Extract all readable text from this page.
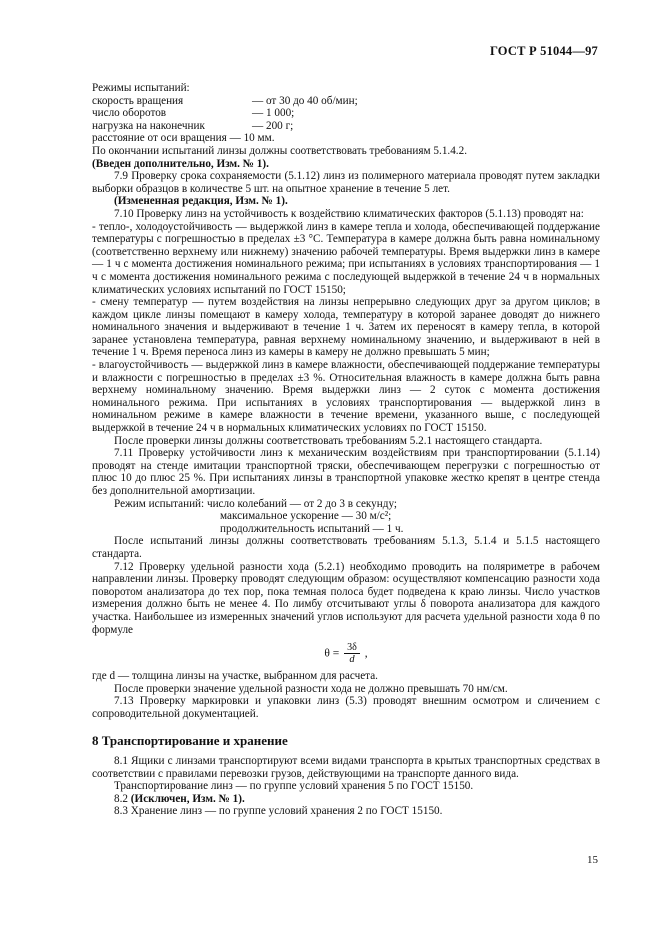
ГОСТ Р 51044—97

Режимы испытаний:

скорость вращения	— от 30 до 40 об/мин;
число оборотов	— 1 000;
нагрузка на наконечник	— 200 г;

расстояние от оси вращения — 10 мм.

По окончании испытаний линзы должны соответствовать требованиям 5.1.4.2.

(Введен дополнительно, Изм. № 1).

7.9 Проверку срока сохраняемости (5.1.12) линз из полимерного материала проводят путем закладки выборки образцов в количестве 5 шт. на опытное хранение в течение 5 лет.

(Измененная редакция, Изм. № 1).

7.10 Проверку линз на устойчивость к воздействию климатических факторов (5.1.13) проводят на:

- тепло-, холодоустойчивость — выдержкой линз в камере тепла и холода, обеспечивающей поддержание температуры с погрешностью в пределах ±3 °С. Температура в камере должна быть равна номинальному (соответственно верхнему или нижнему) значению рабочей температуры. Время выдержки линз в камере — 1 ч с момента достижения номинального режима; при испытаниях в условиях транспортирования — 1 ч с момента достижения номинального режима с последующей выдержкой в течение 24 ч в нормальных климатических условиях испытаний по ГОСТ 15150;

- смену температур — путем воздействия на линзы непрерывно следующих друг за другом циклов; в каждом цикле линзы помещают в камеру холода, температуру в которой заранее доводят до нижнего номинального значения и выдерживают в течение 1 ч. Затем их переносят в камеру тепла, в которой заранее установлена температура, равная верхнему номинальному значению, и выдерживают в ней в течение 1 ч. Время переноса линз из камеры в камеру не должно превышать 5 мин;

- влагоустойчивость — выдержкой линз в камере влажности, обеспечивающей поддержание температуры и влажности с погрешностью в пределах ±3 %. Относительная влажность в камере должна быть равна верхнему номинальному значению. Время выдержки линз — 2 суток с момента достижения номинального режима. При испытаниях в условиях транспортирования — выдержкой линз в номинальном режиме в камере влажности в течение времени, указанного выше, с последующей выдержкой в течение 24 ч в нормальных климатических условиях по ГОСТ 15150.

После проверки линзы должны соответствовать требованиям 5.2.1 настоящего стандарта.

7.11 Проверку устойчивости линз к механическим воздействиям при транспортировании (5.1.14) проводят на стенде имитации транспортной тряски, обеспечивающем перегрузки с погрешностью от плюс 10 до плюс 25 %. При испытаниях линзы в транспортной упаковке жестко крепят в центре стенда без дополнительной амортизации.

Режим испытаний: число колебаний — от 2 до 3 в секунду;

максимальное ускорение — 30 м/с²;

продолжительность испытаний — 1 ч.

После испытаний линзы должны соответствовать требованиям 5.1.3, 5.1.4 и 5.1.5 настоящего стандарта.

7.12 Проверку удельной разности хода (5.2.1) необходимо проводить на поляриметре в рабочем направлении линзы. Проверку проводят следующим образом: осуществляют компенсацию разности хода поворотом анализатора до тех пор, пока темная полоса будет подведена к краю линзы. Число участков измерения должно быть не менее 4. По лимбу отсчитывают углы δ поворота анализатора для каждого участка. Наибольшее из измеренных значений углов используют для расчета удельной разности хода θ по формуле

$\theta = \frac{3\delta}{d}$ ,

где d — толщина линзы на участке, выбранном для расчета.

После проверки значение удельной разности хода не должно превышать 70 нм/см.

7.13 Проверку маркировки и упаковки линз (5.3) проводят внешним осмотром и сличением с сопроводительной документацией.

8 Транспортирование и хранение

8.1 Ящики с линзами транспортируют всеми видами транспорта в крытых транспортных средствах в соответствии с правилами перевозки грузов, действующими на транспорте данного вида.

Транспортирование линз — по группе условий хранения 5 по ГОСТ 15150.

8.2 (Исключен, Изм. № 1).

8.3 Хранение линз — по группе условий хранения 2 по ГОСТ 15150.

15
